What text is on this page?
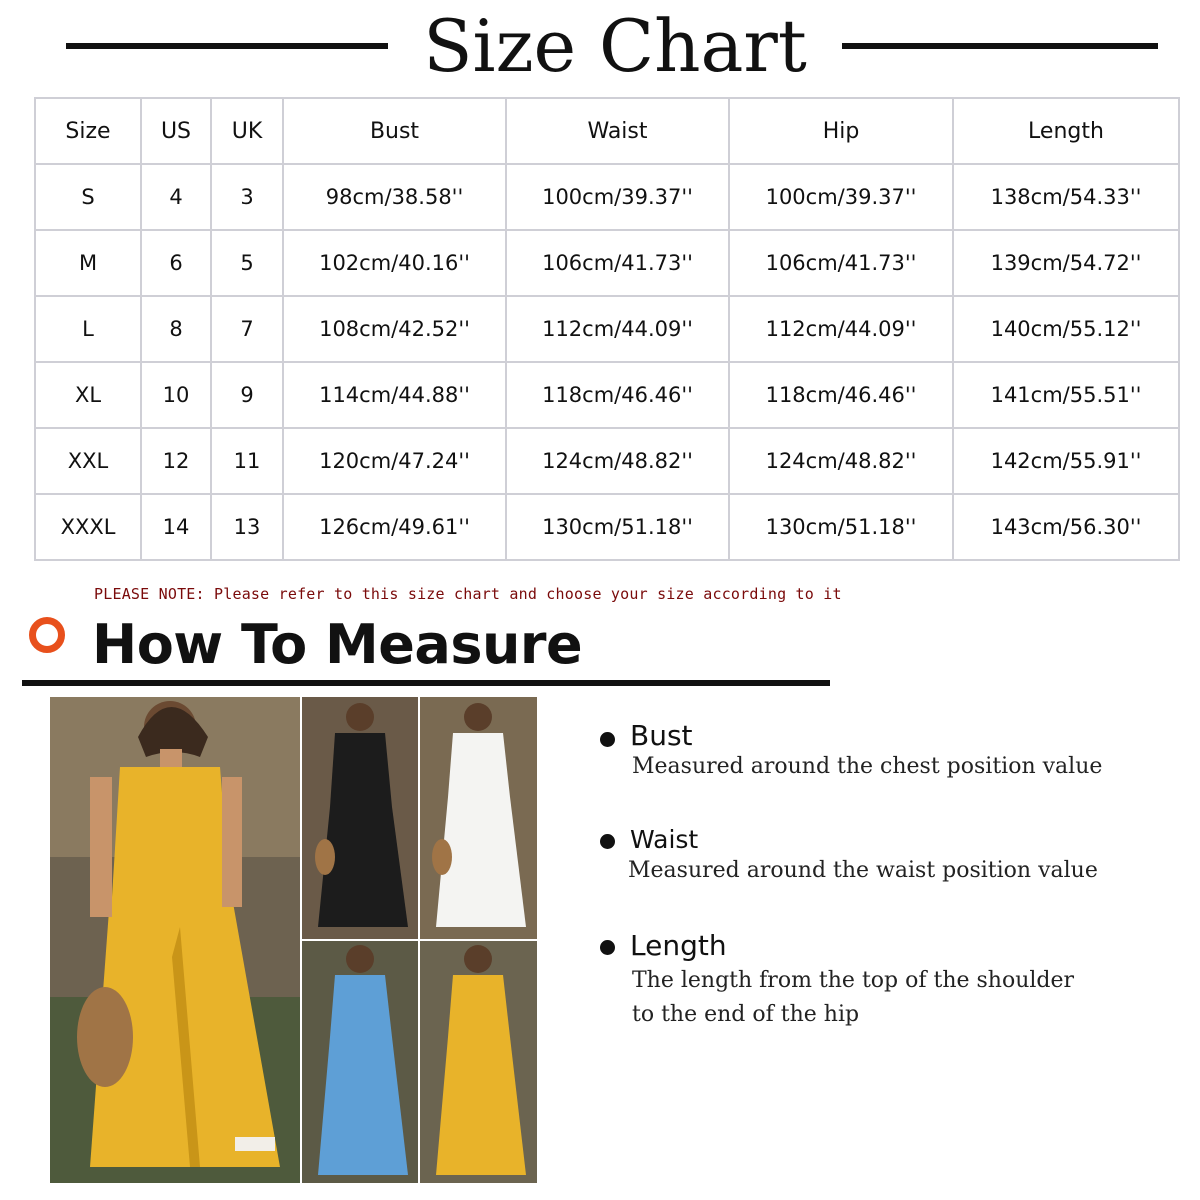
Size Chart
Size	US	UK	Bust	Waist	Hip	Length
S	4	3	98cm/38.58''	100cm/39.37''	100cm/39.37''	138cm/54.33''
M	6	5	102cm/40.16''	106cm/41.73''	106cm/41.73''	139cm/54.72''
L	8	7	108cm/42.52''	112cm/44.09''	112cm/44.09''	140cm/55.12''
XL	10	9	114cm/44.88''	118cm/46.46''	118cm/46.46''	141cm/55.51''
XXL	12	11	120cm/47.24''	124cm/48.82''	124cm/48.82''	142cm/55.91''
XXXL	14	13	126cm/49.61''	130cm/51.18''	130cm/51.18''	143cm/56.30''
PLEASE NOTE: Please refer to this size chart and choose your size according to it
How To Measure
Bust
Measured around the chest position value
Waist
Measured around the waist position value
Length
The length from the top of the shoulder to the end of the hip
